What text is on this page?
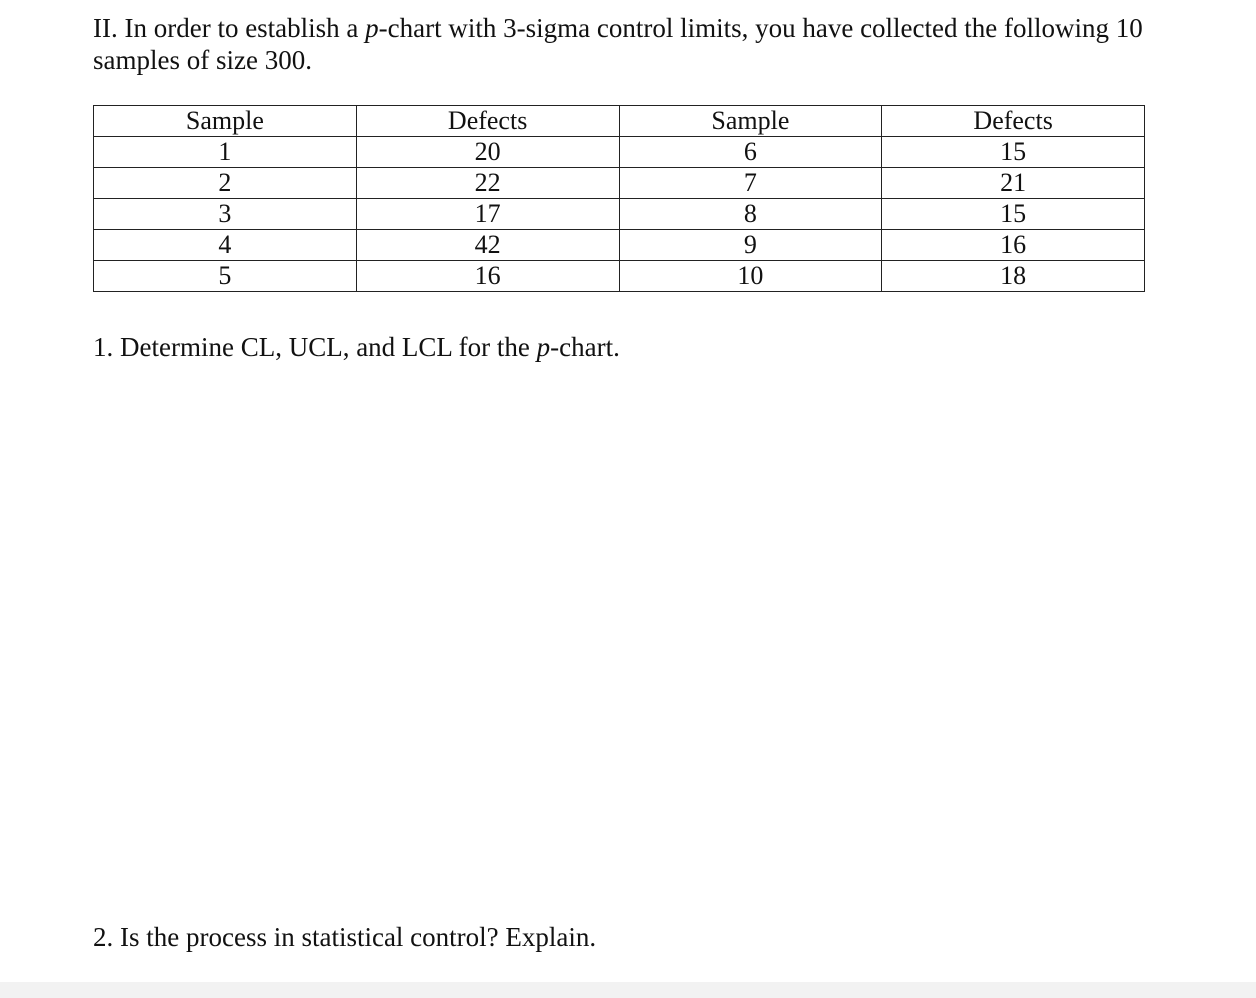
II. In order to establish a p-chart with 3-sigma control limits, you have collected the following 10 samples of size 300.

Sample	Defects	Sample	Defects
1	20	6	15
2	22	7	21
3	17	8	15
4	42	9	16
5	16	10	18

1. Determine CL, UCL, and LCL for the p-chart.

2. Is the process in statistical control? Explain.
